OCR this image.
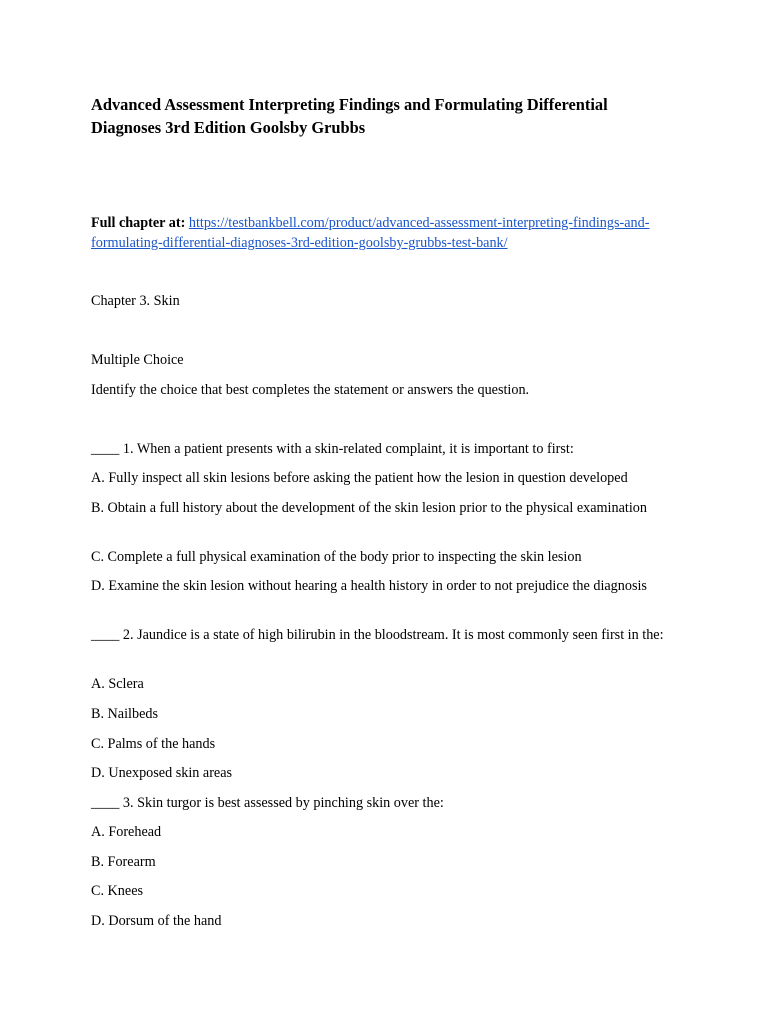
Advanced Assessment Interpreting Findings and Formulating Differential Diagnoses 3rd Edition Goolsby Grubbs

Full chapter at: https://testbankbell.com/product/advanced-assessment-interpreting-findings-and-formulating-differential-diagnoses-3rd-edition-goolsby-grubbs-test-bank/

Chapter 3. Skin

Multiple Choice

Identify the choice that best completes the statement or answers the question.

____ 1. When a patient presents with a skin-related complaint, it is important to first:

A. Fully inspect all skin lesions before asking the patient how the lesion in question developed

B. Obtain a full history about the development of the skin lesion prior to the physical examination

C. Complete a full physical examination of the body prior to inspecting the skin lesion

D. Examine the skin lesion without hearing a health history in order to not prejudice the diagnosis

____ 2. Jaundice is a state of high bilirubin in the bloodstream. It is most commonly seen first in the:

A. Sclera

B. Nailbeds

C. Palms of the hands

D. Unexposed skin areas

____ 3. Skin turgor is best assessed by pinching skin over the:

A. Forehead

B. Forearm

C. Knees

D. Dorsum of the hand
